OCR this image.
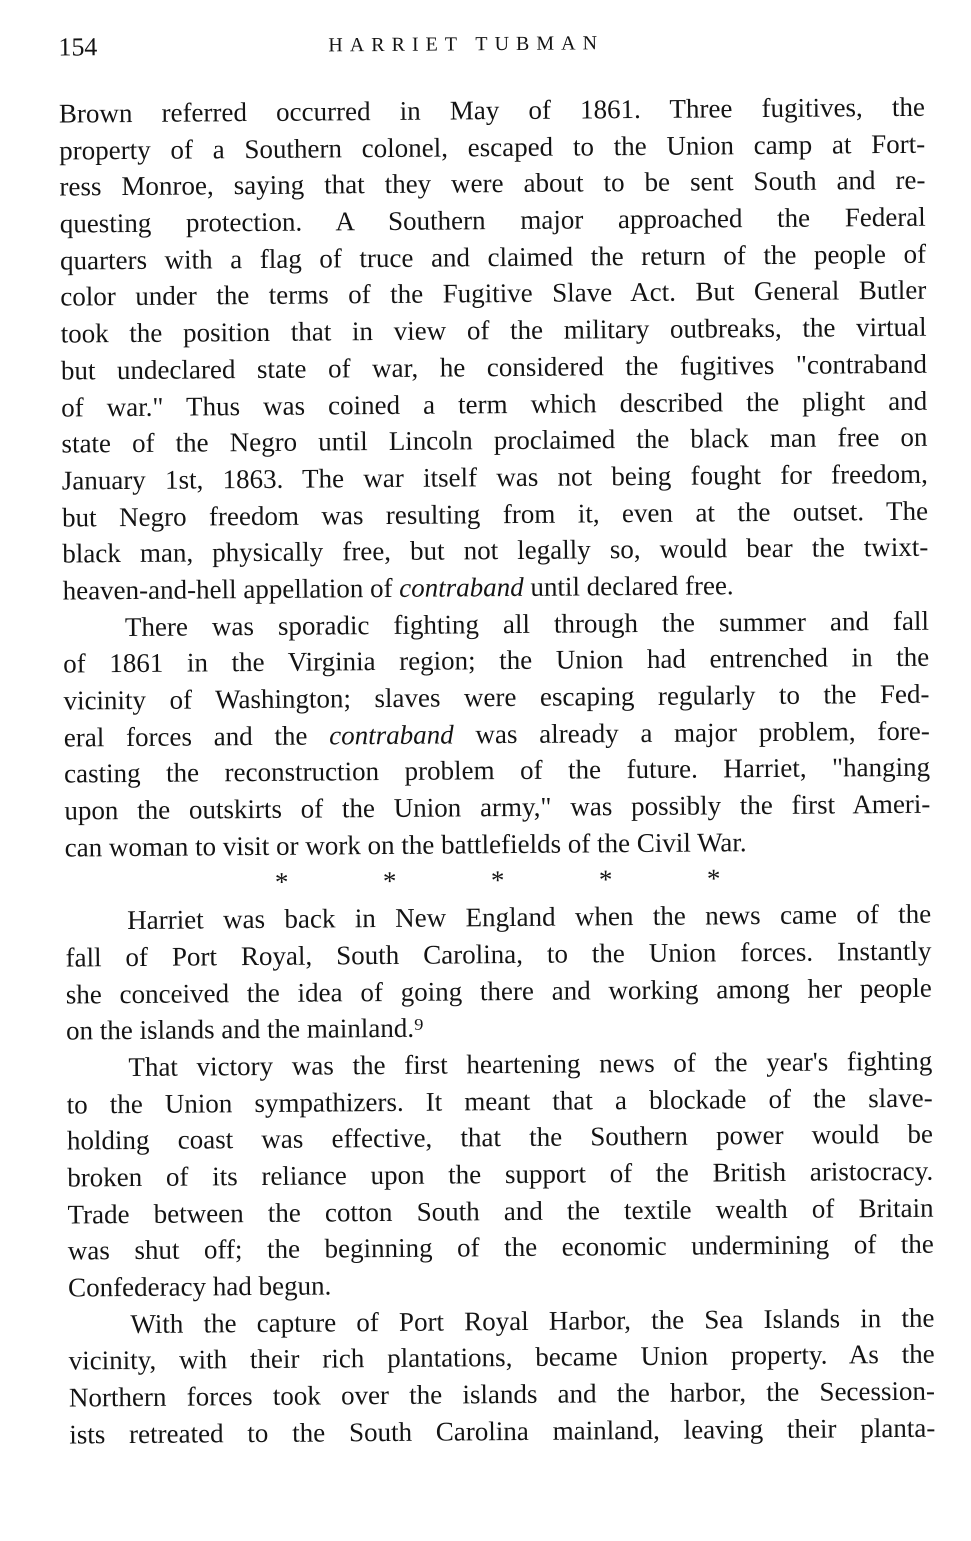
154	HARRIET TUBMAN
Brown referred occurred in May of 1861. Three fugitives, the
property of a Southern colonel, escaped to the Union camp at Fort-
ress Monroe, saying that they were about to be sent South and re-
questing protection. A Southern major approached the Federal
quarters with a flag of truce and claimed the return of the people of
color under the terms of the Fugitive Slave Act. But General Butler
took the position that in view of the military outbreaks, the virtual
but undeclared state of war, he considered the fugitives "contraband
of war." Thus was coined a term which described the plight and
state of the Negro until Lincoln proclaimed the black man free on
January 1st, 1863. The war itself was not being fought for freedom,
but Negro freedom was resulting from it, even at the outset. The
black man, physically free, but not legally so, would bear the twixt-
heaven-and-hell appellation of contraband until declared free.
There was sporadic fighting all through the summer and fall
of 1861 in the Virginia region; the Union had entrenched in the
vicinity of Washington; slaves were escaping regularly to the Fed-
eral forces and the contraband was already a major problem, fore-
casting the reconstruction problem of the future. Harriet, "hanging
upon the outskirts of the Union army," was possibly the first Ameri-
can woman to visit or work on the battlefields of the Civil War.
*	*	*	*	*
Harriet was back in New England when the news came of the
fall of Port Royal, South Carolina, to the Union forces. Instantly
she conceived the idea of going there and working among her people
on the islands and the mainland.⁹
That victory was the first heartening news of the year's fighting
to the Union sympathizers. It meant that a blockade of the slave-
holding coast was effective, that the Southern power would be
broken of its reliance upon the support of the British aristocracy.
Trade between the cotton South and the textile wealth of Britain
was shut off; the beginning of the economic undermining of the
Confederacy had begun.
With the capture of Port Royal Harbor, the Sea Islands in the
vicinity, with their rich plantations, became Union property. As the
Northern forces took over the islands and the harbor, the Secession-
ists retreated to the South Carolina mainland, leaving their planta-
